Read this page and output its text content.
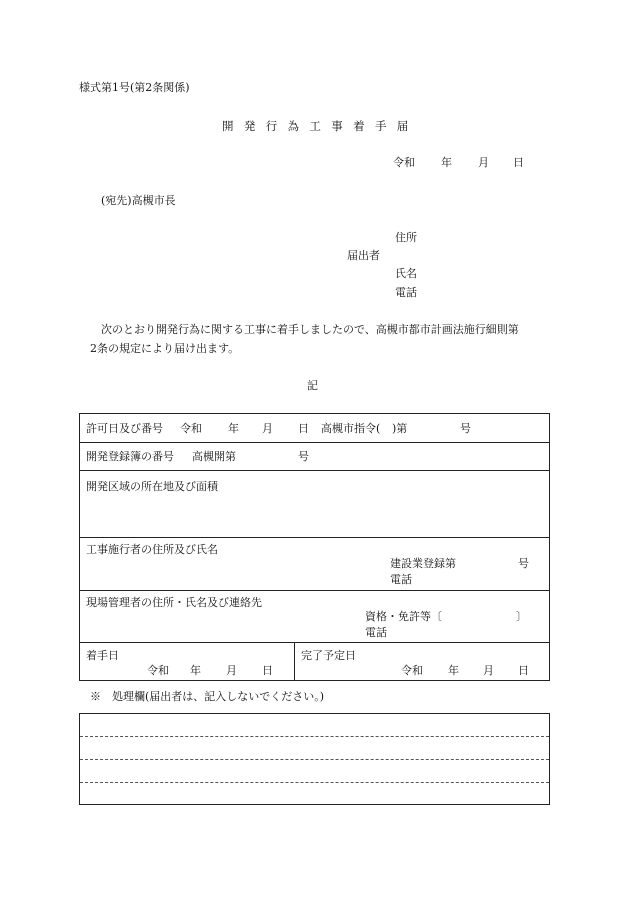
様式第1号(第2条関係)
開発行為工事着手届
令和 年 月 日
(宛先)高槻市長
住所
届出者
氏名
電話
次のとおり開発行為に関する工事に着手しましたので、高槻市都市計画法施行細則第
2条の規定により届け出ます。
記
許可日及び番号 令和 年 月 日 高槻市指令( )第	号
開発登録簿の番号 高槻開第	号
開発区域の所在地及び面積
工事施行者の住所及び氏名
建設業登録第	号
電話
現場管理者の住所・氏名及び連絡先
資格・免許等〔	〕
電話
着手日
令和 年 月 日
完了予定日
令和 年 月 日
※　処理欄(届出者は、記入しないでください。)
